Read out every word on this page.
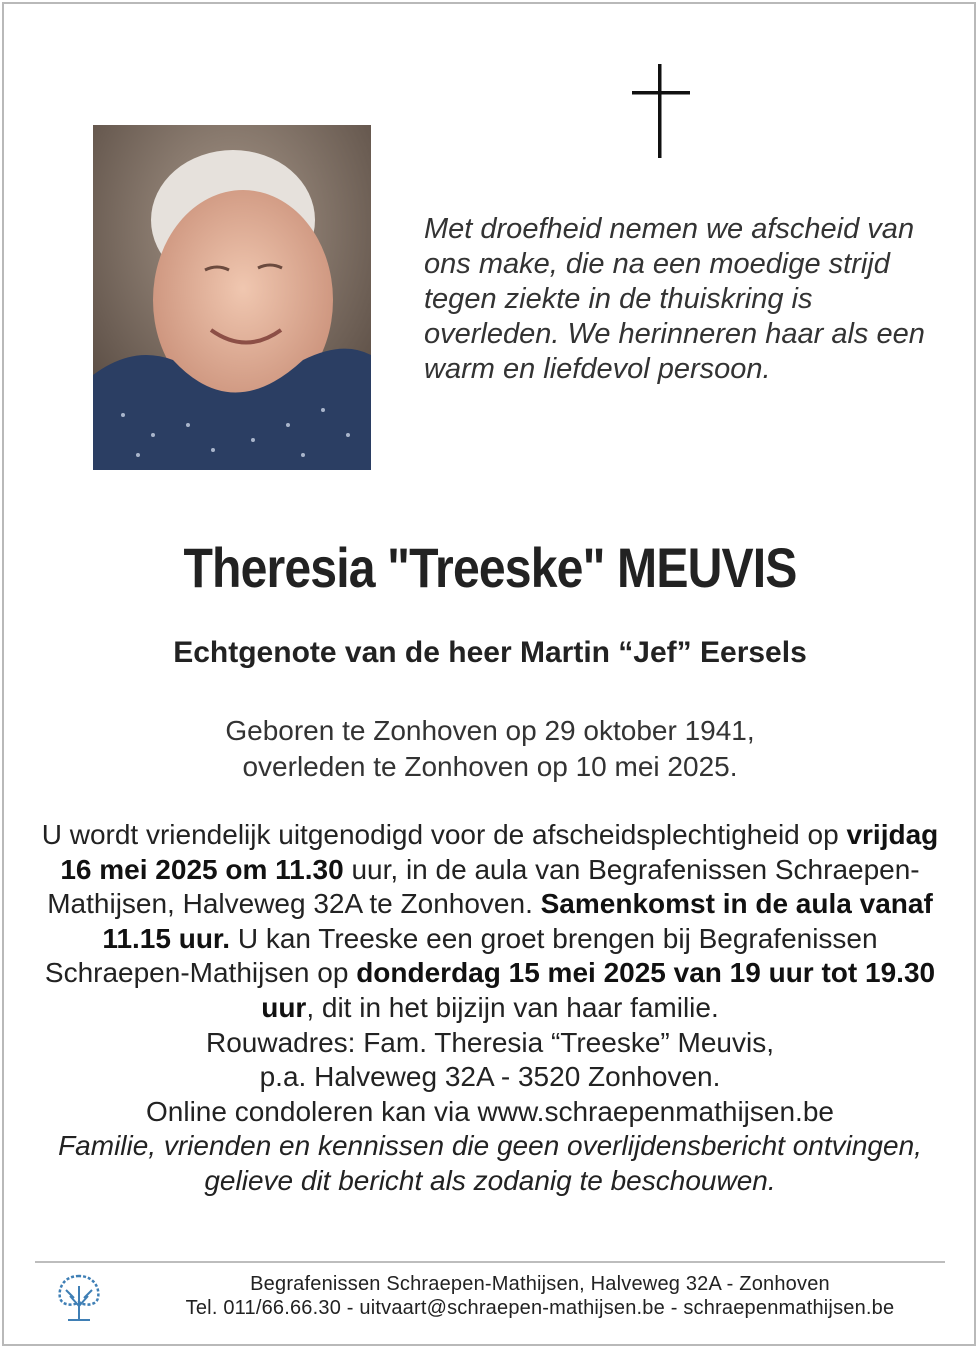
Met droefheid nemen we afscheid van ons make, die na een moedige strijd tegen ziekte in de thuiskring is overleden. We herinneren haar als een warm en liefdevol persoon.

Theresia "Treeske" MEUVIS

Echtgenote van de heer Martin “Jef” Eersels

Geboren te Zonhoven op 29 oktober 1941,
overleden te Zonhoven op 10 mei 2025.
U wordt vriendelijk uitgenodigd voor de afscheidsplechtigheid op vrijdag 16 mei 2025 om 11.30 uur, in de aula van Begrafenissen Schraepen-Mathijsen, Halveweg 32A te Zonhoven. Samenkomst in de aula vanaf 11.15 uur. U kan Treeske een groet brengen bij Begrafenissen Schraepen-Mathijsen op donderdag 15 mei 2025 van 19 uur tot 19.30 uur, dit in het bijzijn van haar familie.
Rouwadres: Fam. Theresia “Treeske” Meuvis,
p.a. Halveweg 32A - 3520 Zonhoven.
Online condoleren kan via www.schraepenmathijsen.be
Familie, vrienden en kennissen die geen overlijdensbericht ontvingen, gelieve dit bericht als zodanig te beschouwen.
Begrafenissen Schraepen-Mathijsen, Halveweg 32A - Zonhoven
Tel. 011/66.66.30 - uitvaart@schraepen-mathijsen.be - schraepenmathijsen.be
